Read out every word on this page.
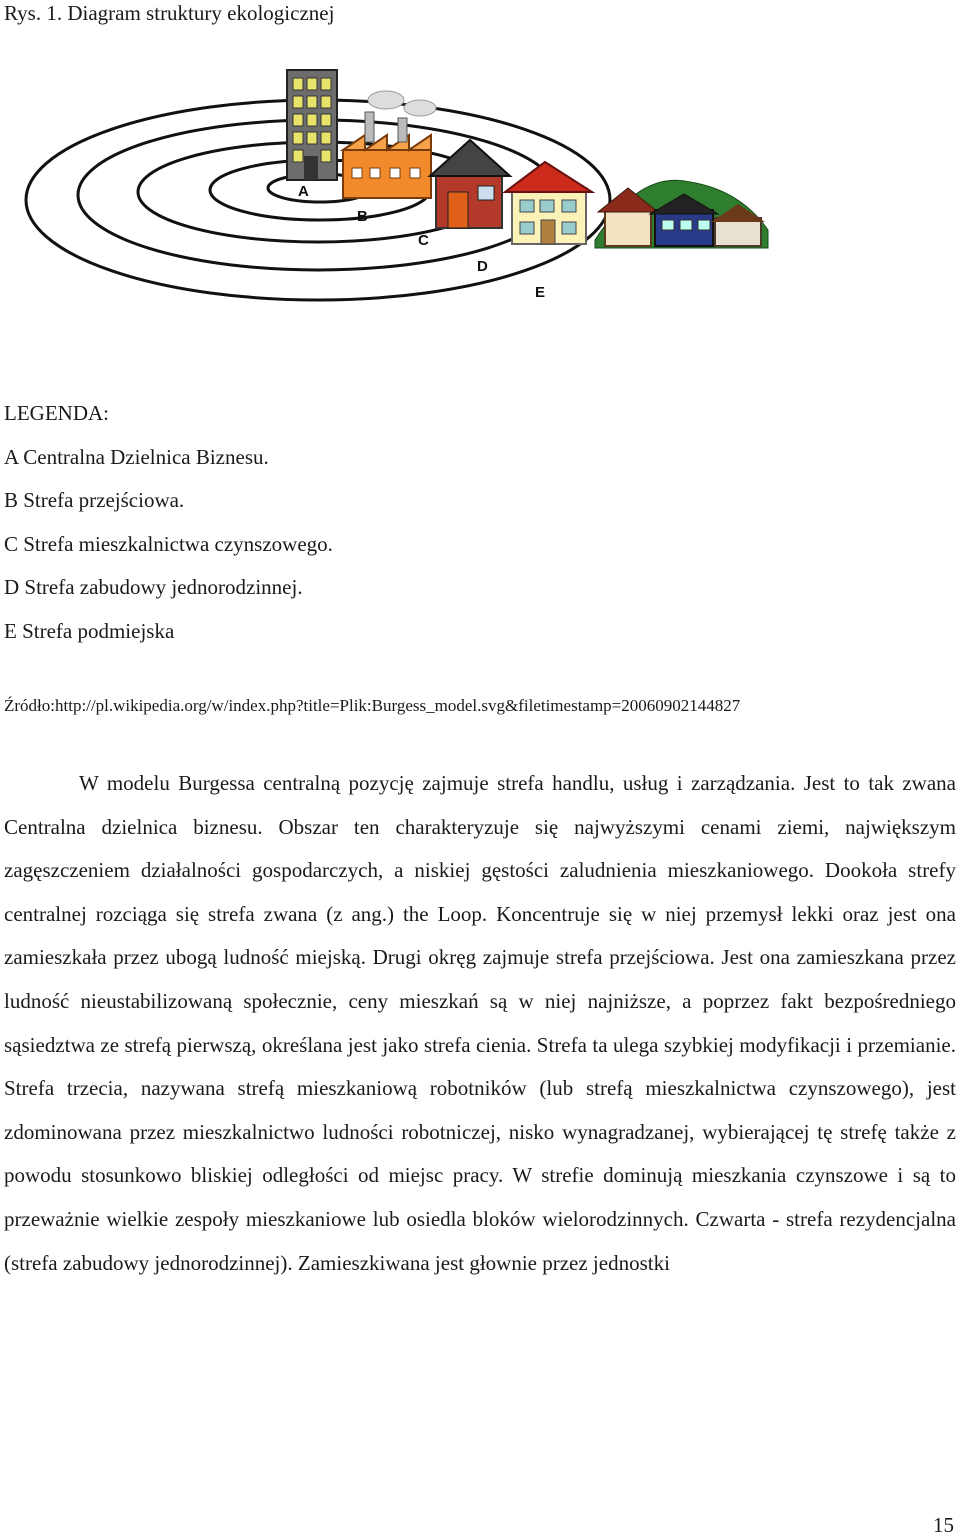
Rys. 1. Diagram struktury ekologicznej
A
B
C
D
E
LEGENDA:
A Centralna Dzielnica Biznesu.
B Strefa przejściowa.
C Strefa mieszkalnictwa czynszowego.
D Strefa zabudowy jednorodzinnej.
E Strefa podmiejska
Źródło:http://pl.wikipedia.org/w/index.php?title=Plik:Burgess_model.svg&filetimestamp=20060902144827
W modelu Burgessa centralną pozycję zajmuje strefa handlu, usług i zarządzania. Jest to tak zwana Centralna dzielnica biznesu. Obszar ten charakteryzuje się najwyższymi cenami ziemi, największym zagęszczeniem działalności gospodarczych, a niskiej gęstości zaludnienia mieszkaniowego. Dookoła strefy centralnej rozciąga się strefa zwana (z ang.) the Loop. Koncentruje się w niej przemysł lekki oraz jest ona zamieszkała przez ubogą ludność miejską. Drugi okręg zajmuje strefa przejściowa. Jest ona zamieszkana przez ludność nieustabilizowaną społecznie, ceny mieszkań są w niej najniższe, a poprzez fakt bezpośredniego sąsiedztwa ze strefą pierwszą, określana jest jako strefa cienia. Strefa ta ulega szybkiej modyfikacji i przemianie. Strefa trzecia, nazywana strefą mieszkaniową robotników (lub strefą mieszkalnictwa czynszowego), jest zdominowana przez mieszkalnictwo ludności robotniczej, nisko wynagradzanej, wybierającej tę strefę także z powodu stosunkowo bliskiej odległości od miejsc pracy. W strefie dominują mieszkania czynszowe i są to przeważnie wielkie zespoły mieszkaniowe lub osiedla bloków wielorodzinnych. Czwarta - strefa rezydencjalna (strefa zabudowy jednorodzinnej). Zamieszkiwana jest głownie przez jednostki
15
